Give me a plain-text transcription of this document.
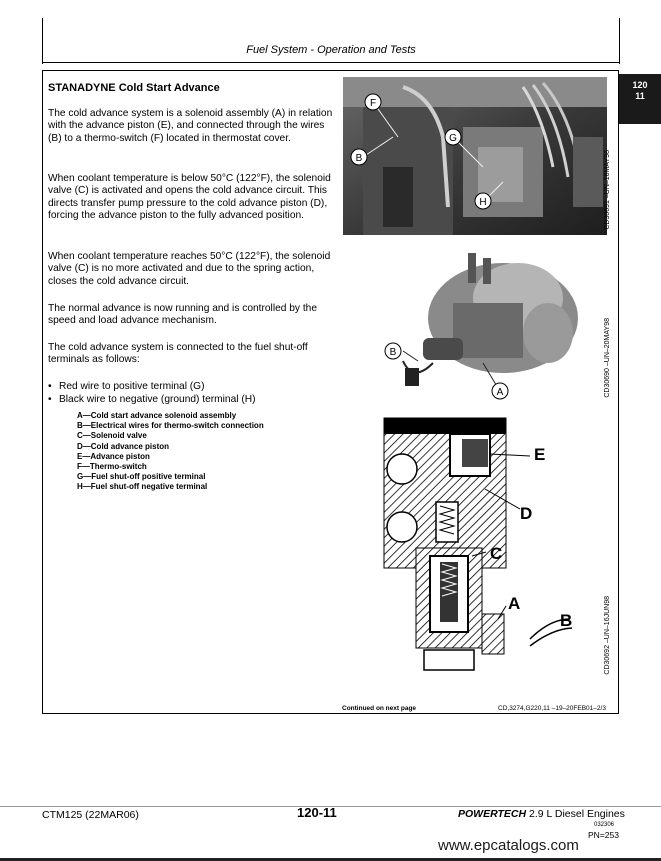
Fuel System - Operation and Tests
120
11
STANADYNE Cold Start Advance
The cold advance system is a solenoid assembly (A) in relation with the advance piston (E), and connected through the wires (B) to a thermo-switch (F) located in thermostat cover.
When coolant temperature is below 50°C (122°F), the solenoid valve (C) is activated and opens the cold advance circuit. This directs transfer pump pressure to the cold advance piston (D), forcing the advance piston to the fully advanced position.
When coolant temperature reaches 50°C (122°F), the solenoid valve (C) is no more activated and due to the spring action, closes the cold advance circuit.
The normal advance is now running and is controlled by the speed and load advance mechanism.
The cold advance system is connected to the fuel shut-off terminals as follows:
• Red wire to positive terminal (G)
• Black wire to negative (ground) terminal (H)
A—Cold start advance solenoid assembly
B—Electrical wires for thermo-switch connection
C—Solenoid valve
D—Cold advance piston
E—Advance piston
F—Thermo-switch
G—Fuel shut-off positive terminal
H—Fuel shut-off negative terminal
F
G
B
H	CD30691 –UN–16MAY98
B
A	CD30690 –UN–20MAY98
E
D
C
A
B	CD30692 –UN–16JUN98
Continued on next page	CD,3274,G220,11 –19–20FEB01–2/3
CTM125 (22MAR06)	120-11	POWERTECH 2.9 L Diesel Engines
032306
PN=253
www.epcatalogs.com
